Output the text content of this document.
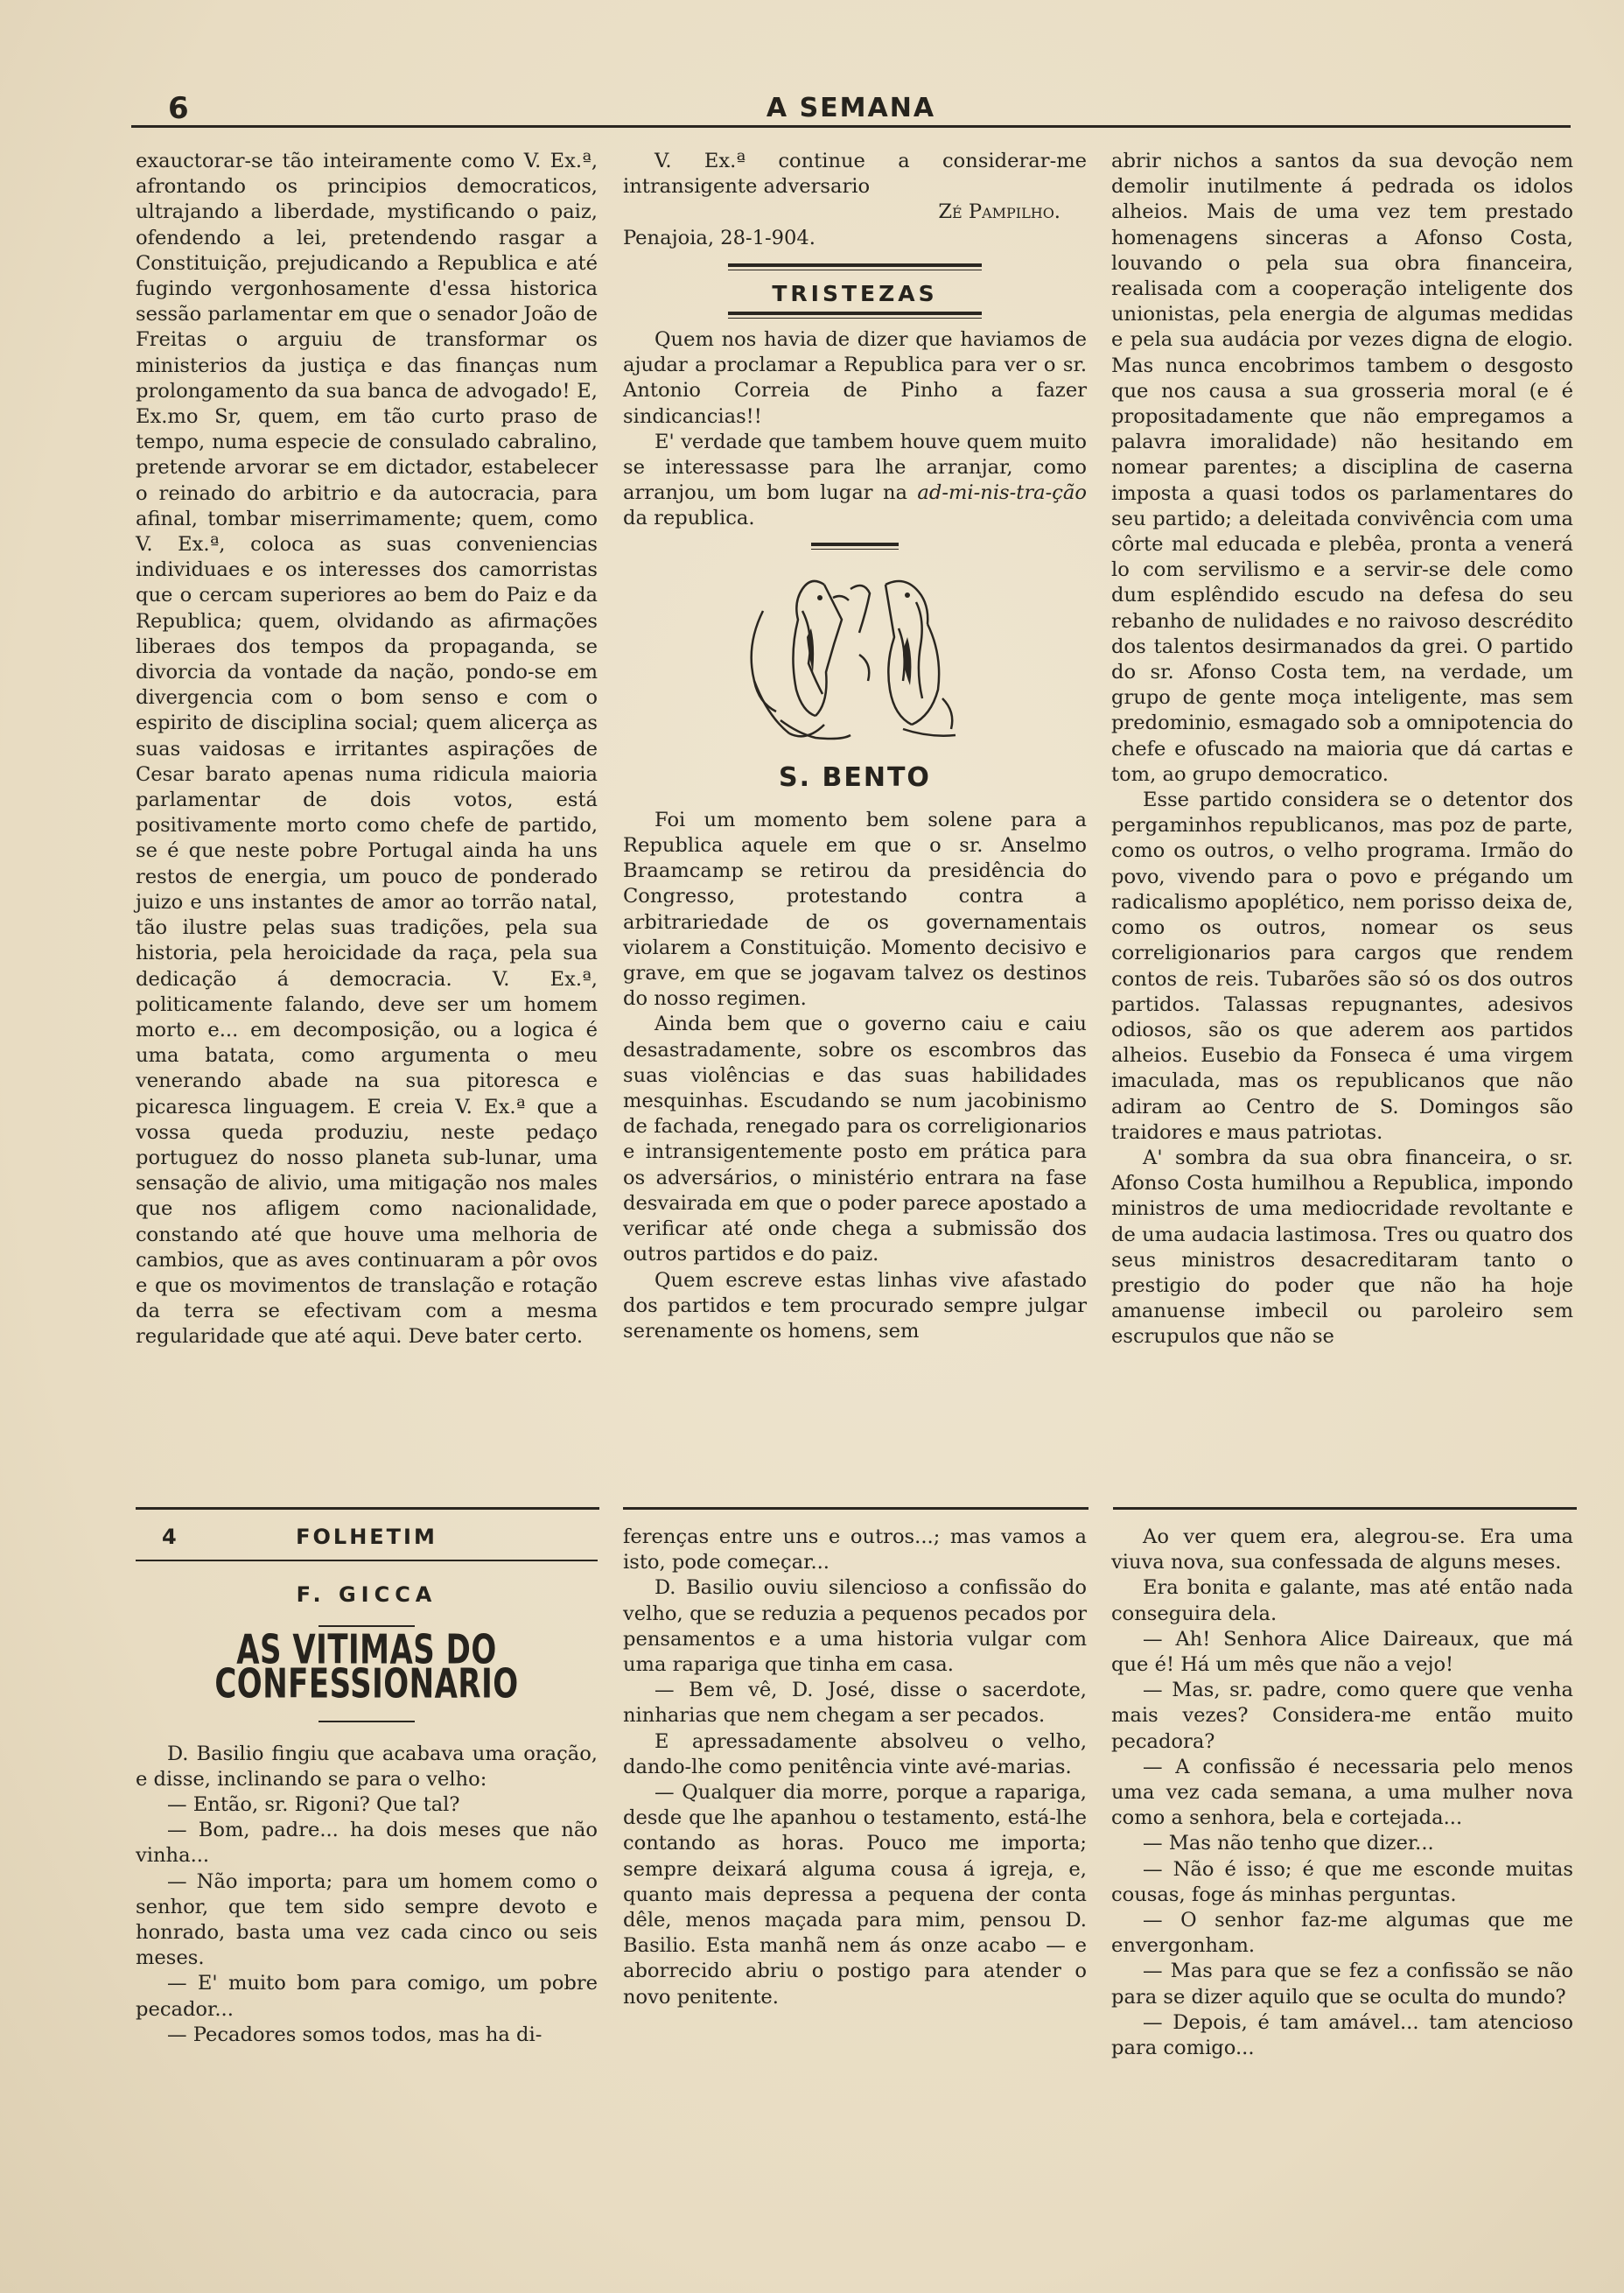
6	A SEMANA

exauctorar-se tão inteiramente como V. Ex.ª, afrontando os principios democraticos, ultrajando a liberdade, mystificando o paiz, ofendendo a lei, pretendendo rasgar a Constituição, prejudicando a Republica e até fugindo vergonhosamente d'essa historica sessão parlamentar em que o senador João de Freitas o arguiu de transformar os ministerios da justiça e das finanças num prolongamento da sua banca de advogado! E, Ex.mo Sr, quem, em tão curto praso de tempo, numa especie de consulado cabralino, pretende arvorar se em dictador, estabelecer o reinado do arbitrio e da autocracia, para afinal, tombar miserrimamente; quem, como V. Ex.ª, coloca as suas conveniencias individuaes e os interesses dos camorristas que o cercam superiores ao bem do Paiz e da Republica; quem, olvidando as afirmações liberaes dos tempos da propaganda, se divorcia da vontade da nação, pondo-se em divergencia com o bom senso e com o espirito de disciplina social; quem alicerça as suas vaidosas e irritantes aspirações de Cesar barato apenas numa ridicula maioria parlamentar de dois votos, está positivamente morto como chefe de partido, se é que neste pobre Portugal ainda ha uns restos de energia, um pouco de ponderado juizo e uns instantes de amor ao torrão natal, tão ilustre pelas suas tradições, pela sua historia, pela heroicidade da raça, pela sua dedicação á democracia. V. Ex.ª, politicamente falando, deve ser um homem morto e... em decomposição, ou a logica é uma batata, como argumenta o meu venerando abade na sua pitoresca e picaresca linguagem. E creia V. Ex.ª que a vossa queda produziu, neste pedaço portuguez do nosso planeta sub-lunar, uma sensação de alivio, uma mitigação nos males que nos afligem como nacionalidade, constando até que houve uma melhoria de cambios, que as aves continuaram a pôr ovos e que os movimentos de translação e rotação da terra se efectivam com a mesma regularidade que até aqui. Deve bater certo.

V. Ex.ª continue a considerar-me intransigente adversario

Zé Pampilho.

Penajoia, 28-1-904.

TRISTEZAS

Quem nos havia de dizer que haviamos de ajudar a proclamar a Republica para ver o sr. Antonio Correia de Pinho a fazer sindicancias!!

E' verdade que tambem houve quem muito se interessasse para lhe arranjar, como arranjou, um bom lugar na ad-mi-nis-tra-ção da republica.

S. BENTO

Foi um momento bem solene para a Republica aquele em que o sr. Anselmo Braamcamp se retirou da presidência do Congresso, protestando contra a arbitrariedade de os governamentais violarem a Constituição. Momento decisivo e grave, em que se jogavam talvez os destinos do nosso regimen.

Ainda bem que o governo caiu e caiu desastradamente, sobre os escombros das suas violências e das suas habilidades mesquinhas. Escudando se num jacobinismo de fachada, renegado para os correligionarios e intransigentemente posto em prática para os adversários, o ministério entrara na fase desvairada em que o poder parece apostado a verificar até onde chega a submissão dos outros partidos e do paiz.

Quem escreve estas linhas vive afastado dos partidos e tem procurado sempre julgar serenamente os homens, sem

abrir nichos a santos da sua devoção nem demolir inutilmente á pedrada os idolos alheios. Mais de uma vez tem prestado homenagens sinceras a Afonso Costa, louvando o pela sua obra financeira, realisada com a cooperação inteligente dos unionistas, pela energia de algumas medidas e pela sua audácia por vezes digna de elogio. Mas nunca encobrimos tambem o desgosto que nos causa a sua grosseria moral (e é propositadamente que não empregamos a palavra imoralidade) não hesitando em nomear parentes; a disciplina de caserna imposta a quasi todos os parlamentares do seu partido; a deleitada convivência com uma côrte mal educada e plebêa, pronta a venerá lo com servilismo e a servir-se dele como dum esplêndido escudo na defesa do seu rebanho de nulidades e no raivoso descrédito dos talentos desirmanados da grei. O partido do sr. Afonso Costa tem, na verdade, um grupo de gente moça inteligente, mas sem predominio, esmagado sob a omnipotencia do chefe e ofuscado na maioria que dá cartas e tom, ao grupo democratico.

Esse partido considera se o detentor dos pergaminhos republicanos, mas poz de parte, como os outros, o velho programa. Irmão do povo, vivendo para o povo e prégando um radicalismo apoplético, nem porisso deixa de, como os outros, nomear os seus correligionarios para cargos que rendem contos de reis. Tubarões são só os dos outros partidos. Talassas repugnantes, adesivos odiosos, são os que aderem aos partidos alheios. Eusebio da Fonseca é uma virgem imaculada, mas os republicanos que não adiram ao Centro de S. Domingos são traidores e maus patriotas.

A' sombra da sua obra financeira, o sr. Afonso Costa humilhou a Republica, impondo ministros de uma mediocridade revoltante e de uma audacia lastimosa. Tres ou quatro dos seus ministros desacreditaram tanto o prestigio do poder que não ha hoje amanuense imbecil ou paroleiro sem escrupulos que não se

4	FOLHETIM
F. GICCA
AS VITIMAS DO CONFESSIONARIO

D. Basilio fingiu que acabava uma oração, e disse, inclinando se para o velho:

— Então, sr. Rigoni? Que tal?

— Bom, padre... ha dois meses que não vinha...

— Não importa; para um homem como o senhor, que tem sido sempre devoto e honrado, basta uma vez cada cinco ou seis meses.

— E' muito bom para comigo, um pobre pecador...

— Pecadores somos todos, mas ha di-

ferenças entre uns e outros...; mas vamos a isto, pode começar...

D. Basilio ouviu silencioso a confissão do velho, que se reduzia a pequenos pecados por pensamentos e a uma historia vulgar com uma rapariga que tinha em casa.

— Bem vê, D. José, disse o sacerdote, ninharias que nem chegam a ser pecados.

E apressadamente absolveu o velho, dando-lhe como penitência vinte avé-marias.

— Qualquer dia morre, porque a rapariga, desde que lhe apanhou o testamento, está-lhe contando as horas. Pouco me importa; sempre deixará alguma cousa á igreja, e, quanto mais depressa a pequena der conta dêle, menos maçada para mim, pensou D. Basilio. Esta manhã nem ás onze acabo — e aborrecido abriu o postigo para atender o novo penitente.

Ao ver quem era, alegrou-se. Era uma viuva nova, sua confessada de alguns meses.

Era bonita e galante, mas até então nada conseguira dela.

— Ah! Senhora Alice Daireaux, que má que é! Há um mês que não a vejo!

— Mas, sr. padre, como quere que venha mais vezes? Considera-me então muito pecadora?

— A confissão é necessaria pelo menos uma vez cada semana, a uma mulher nova como a senhora, bela e cortejada...

— Mas não tenho que dizer...

— Não é isso; é que me esconde muitas cousas, foge ás minhas perguntas.

— O senhor faz-me algumas que me envergonham.

— Mas para que se fez a confissão se não para se dizer aquilo que se oculta do mundo?

— Depois, é tam amável... tam atencioso para comigo...
